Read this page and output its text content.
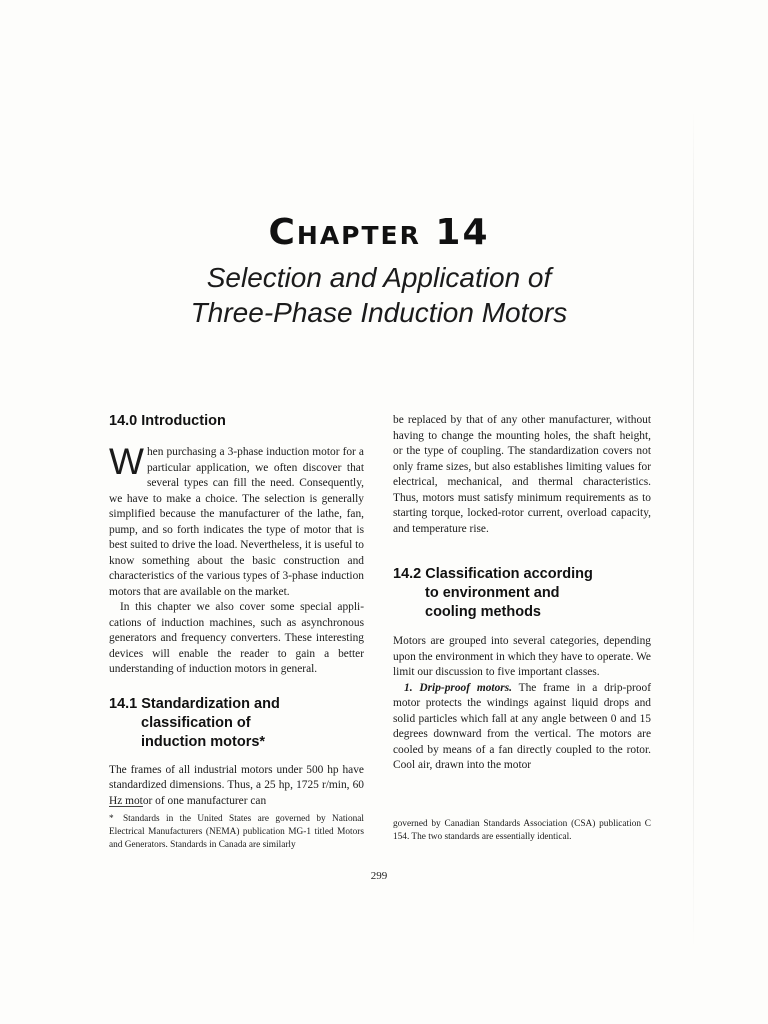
Chapter 14
Selection and Application of
Three-Phase Induction Motors
14.0 Introduction

When purchasing a 3-phase induction motor for a particular application, we often discover that several types can fill the need. Consequently, we have to make a choice. The selection is generally simplified because the manufacturer of the lathe, fan, pump, and so forth indicates the type of motor that is best suited to drive the load. Nevertheless, it is useful to know something about the basic construction and characteristics of the various types of 3-phase induction motors that are available on the market.

In this chapter we also cover some special applications of induction machines, such as asynchronous generators and frequency converters. These interesting devices will enable the reader to gain a better understanding of induction motors in general.

14.1 Standardization and
classification of
induction motors*

The frames of all industrial motors under 500 hp have standardized dimensions. Thus, a 25 hp, 1725 r/min, 60 Hz motor of one manufacturer can

be replaced by that of any other manufacturer, without having to change the mounting holes, the shaft height, or the type of coupling. The standardization covers not only frame sizes, but also establishes limiting values for electrical, mechanical, and thermal characteristics. Thus, motors must satisfy minimum requirements as to starting torque, locked-rotor current, overload capacity, and temperature rise.

14.2 Classification according
to environment and
cooling methods

Motors are grouped into several categories, depending upon the environment in which they have to operate. We limit our discussion to five important classes.

1. Drip-proof motors. The frame in a drip-proof motor protects the windings against liquid drops and solid particles which fall at any angle between 0 and 15 degrees downward from the vertical. The motors are cooled by means of a fan directly coupled to the rotor. Cool air, drawn into the motor

* Standards in the United States are governed by National Electrical Manufacturers (NEMA) publication MG-1 titled Motors and Generators. Standards in Canada are similarly

governed by Canadian Standards Association (CSA) publication C 154. The two standards are essentially identical.

299
